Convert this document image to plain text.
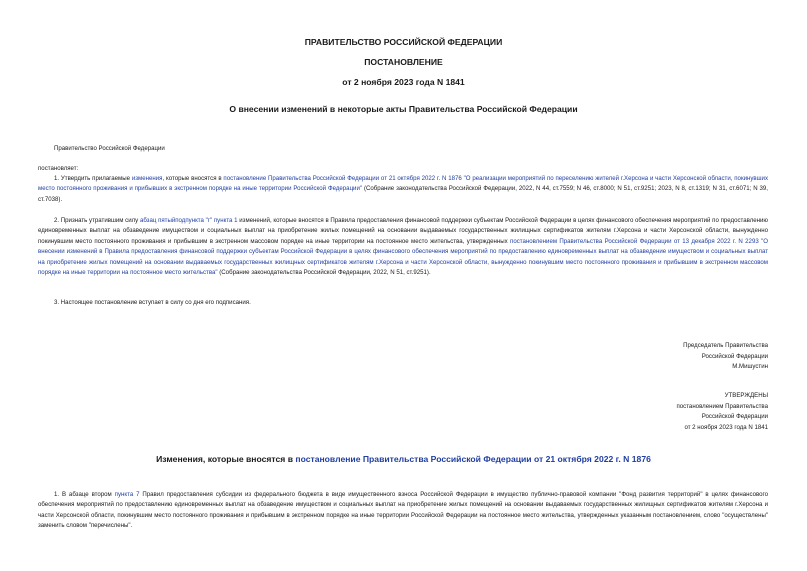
ПРАВИТЕЛЬСТВО РОССИЙСКОЙ ФЕДЕРАЦИИ
ПОСТАНОВЛЕНИЕ
от 2 ноября 2023 года N 1841
О внесении изменений в некоторые акты Правительства Российской Федерации
Правительство Российской Федерации
постановляет:
1. Утвердить прилагаемые изменения, которые вносятся в постановление Правительства Российской Федерации от 21 октября 2022 г. N 1876 "О реализации мероприятий по переселению жителей г.Херсона и части Херсонской области, покинувших место постоянного проживания и прибывших в экстренном порядке на иные территории Российской Федерации" (Собрание законодательства Российской Федерации, 2022, N 44, ст.7559; N 46, ст.8000; N 51, ст.9251; 2023, N 8, ст.1319; N 31, ст.6071; N 39, ст.7038).
2. Признать утратившим силу абзац пятыйподпункта "г" пункта 1 изменений, которые вносятся в Правила предоставления финансовой поддержки субъектам Российской Федерации в целях финансового обеспечения мероприятий по предоставлению единовременных выплат на обзаведение имуществом и социальных выплат на приобретение жилых помещений на основании выдаваемых государственных жилищных сертификатов жителям г.Херсона и части Херсонской области, вынужденно покинувшим место постоянного проживания и прибывшим в экстренном массовом порядке на иные территории на постоянное место жительства, утвержденных постановлением Правительства Российской Федерации от 13 декабря 2022 г. N 2293 "О внесении изменений в Правила предоставления финансовой поддержки субъектам Российской Федерации в целях финансового обеспечения мероприятий по предоставлению единовременных выплат на обзаведение имуществом и социальных выплат на приобретение жилых помещений на основании выдаваемых государственных жилищных сертификатов жителям г.Херсона и части Херсонской области, вынужденно покинувшим место постоянного проживания и прибывшим в экстренном массовом порядке на иные территории на постоянное место жительства" (Собрание законодательства Российской Федерации, 2022, N 51, ст.9251).
3. Настоящее постановление вступает в силу со дня его подписания.
Председатель Правительства
Российской Федерации
М.Мишустин
УТВЕРЖДЕНЫ
постановлением Правительства
Российской Федерации
от 2 ноября 2023 года N 1841
Изменения, которые вносятся в постановление Правительства Российской Федерации от 21 октября 2022 г. N 1876
1. В абзаце втором пункта 7 Правил предоставления субсидии из федерального бюджета в виде имущественного взноса Российской Федерации в имущество публично-правовой компании "Фонд развития территорий" в целях финансового обеспечения мероприятий по предоставлению единовременных выплат на обзаведение имуществом и социальных выплат на приобретение жилых помещений на основании выдаваемых государственных жилищных сертификатов жителям г.Херсона и части Херсонской области, покинувшим место постоянного проживания и прибывшим в экстренном порядке на иные территории Российской Федерации на постоянное место жительства, утвержденных указанным постановлением, слово "осуществлены" заменить словом "перечислены".
